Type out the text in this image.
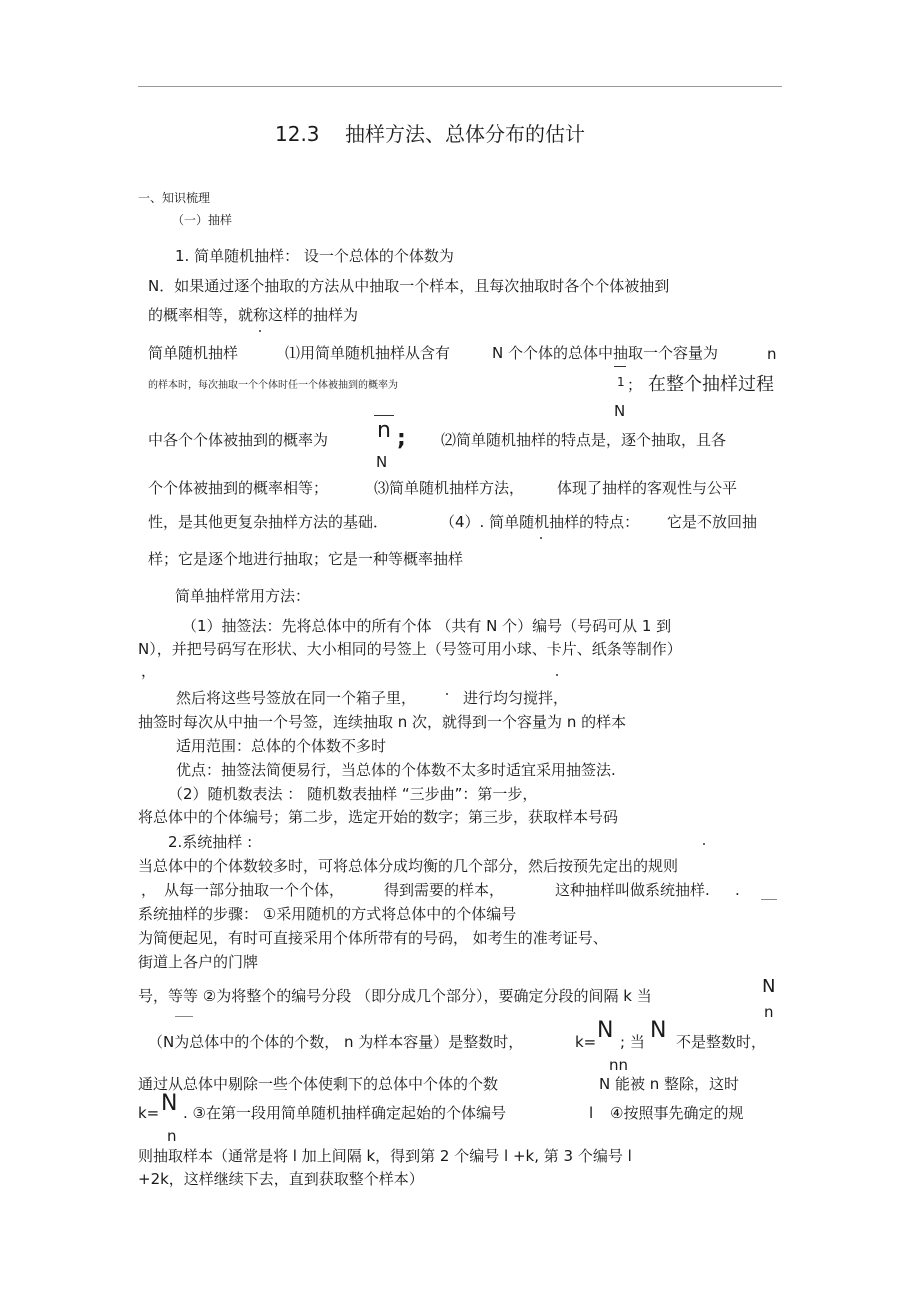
12.3 抽样方法、总体分布的估计
一、知识梳理
（一）抽样
1. 简单随机抽样： 设一个总体的个体数为
N．如果通过逐个抽取的方法从中抽取一个样本，且每次抽取时各个个体被抽到
的概率相等，就称这样的抽样为
简单随机抽样	⑴用简单随机抽样从含有	N 个个体的总体中抽取一个容量为	n
的样本时，每次抽取一个个体时任一个体被抽到的概率为	1 ； 在整个抽样过程
N
中各个个体被抽到的概率为 n ; ⑵简单随机抽样的特点是，逐个抽取，且各
N
个个体被抽到的概率相等；	⑶简单随机抽样方法， 体现了抽样的客观性与公平
性，是其他更复杂抽样方法的基础．	（4）. 简单随机抽样的特点： 它是不放回抽
样；它是逐个地进行抽取；它是一种等概率抽样
简单抽样常用方法：
（1）抽签法：先将总体中的所有个体 （共有 N 个）编号（号码可从 1 到
N），并把号码写在形状、大小相同的号签上（号签可用小球、卡片、纸条等制作）
，
然后将这些号签放在同一个箱子里，	进行均匀搅拌，
抽签时每次从中抽一个号签，连续抽取 n 次，就得到一个容量为 n 的样本
适用范围：总体的个体数不多时
优点：抽签法简便易行，当总体的个体数不太多时适宜采用抽签法.
（2）随机数表法 ： 随机数表抽样 “三步曲”：第一步，
将总体中的个体编号；第二步，选定开始的数字；第三步，获取样本号码
2.系统抽样 :
当总体中的个体数较多时，可将总体分成均衡的几个部分，然后按预先定出的规则
， 从每一部分抽取一个个体，	得到需要的样本，	这种抽样叫做系统抽样. .
系统抽样的步骤： ①采用随机的方式将总体中的个体编号
为简便起见，有时可直接采用个体所带有的号码， 如考生的准考证号、
街道上各户的门牌
号，等等 ②为将整个的编号分段 （即分成几个部分），要确定分段的间隔 k 当	N
n
（N为总体中的个体的个数， n 为样本容量）是整数时，	k= N ; 当 N 不是整数时，
nn
通过从总体中剔除一些个体使剩下的总体中个体的个数	N 能被 n 整除，这时
k= N . ③在第一段用简单随机抽样确定起始的个体编号	l ④按照事先确定的规
n
则抽取样本（通常是将 l 加上间隔 k，得到第 2 个编号 l +k, 第 3 个编号 l
+2k，这样继续下去，直到获取整个样本）
